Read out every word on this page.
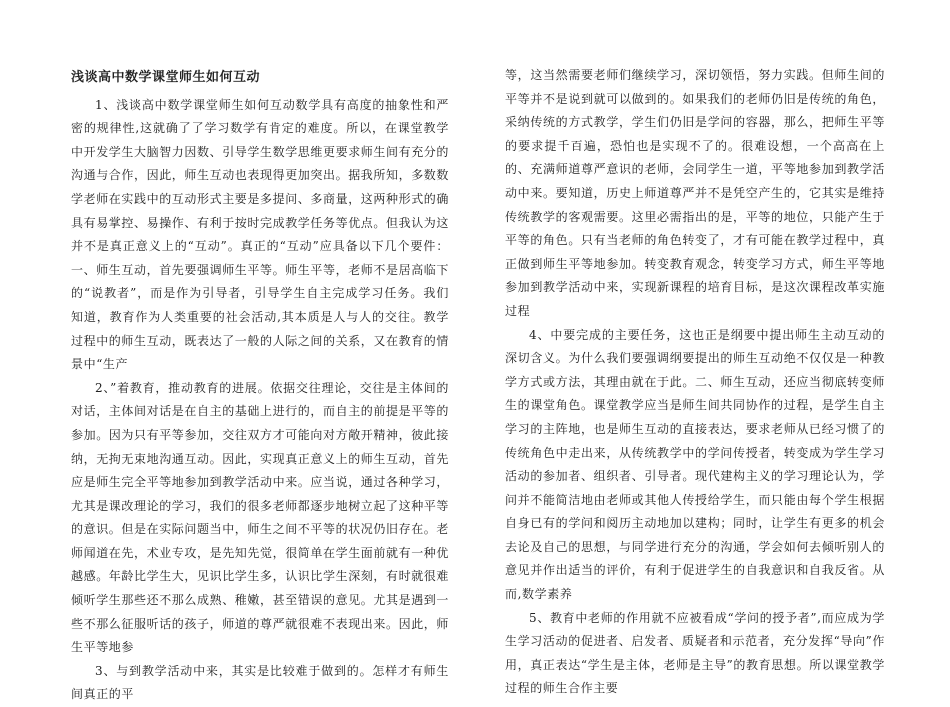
浅谈高中数学课堂师生如何互动

1、浅谈高中数学课堂师生如何互动数学具有高度的抽象性和严密的规律性,这就确了了学习数学有肯定的难度。所以，在课堂教学中开发学生大脑智力因数、引导学生数学思维更要求师生间有充分的沟通与合作，因此，师生互动也表现得更加突出。据我所知，多数数学老师在实践中的互动形式主要是多提问、多商量，这两种形式的确具有易掌控、易操作、有利于按时完成教学任务等优点。但我认为这并不是真正意义上的“互动”。真正的“互动”应具备以下几个要件：一、师生互动，首先要强调师生平等。师生平等，老师不是居高临下的“说教者”，而是作为引导者，引导学生自主完成学习任务。我们知道，教育作为人类重要的社会活动,其本质是人与人的交往。教学过程中的师生互动，既表达了一般的人际之间的关系，又在教育的情景中“生产

2、”着教育，推动教育的进展。依据交往理论，交往是主体间的对话，主体间对话是在自主的基础上进行的，而自主的前提是平等的参加。因为只有平等参加，交往双方才可能向对方敞开精神，彼此接纳，无拘无束地沟通互动。因此，实现真正意义上的师生互动，首先应是师生完全平等地参加到教学活动中来。应当说，通过各种学习，尤其是课改理论的学习，我们的很多老师都逐步地树立起了这种平等的意识。但是在实际问题当中，师生之间不平等的状况仍旧存在。老师闻道在先，术业专攻，是先知先觉，很简单在学生面前就有一种优越感。年龄比学生大，见识比学生多，认识比学生深刻，有时就很难倾听学生那些还不那么成熟、稚嫩，甚至错误的意见。尤其是遇到一些不那么征服听话的孩子，师道的尊严就很难不表现出来。因此，师生平等地参

3、与到教学活动中来，其实是比较难于做到的。怎样才有师生间真正的平

等，这当然需要老师们继续学习，深切领悟，努力实践。但师生间的平等并不是说到就可以做到的。如果我们的老师仍旧是传统的角色，采纳传统的方式教学，学生们仍旧是学问的容器，那么，把师生平等的要求提千百遍，恐怕也是实现不了的。很难设想，一个高高在上的、充满师道尊严意识的老师，会同学生一道，平等地参加到教学活动中来。要知道，历史上师道尊严并不是凭空产生的，它其实是维持传统教学的客观需要。这里必需指出的是，平等的地位，只能产生于平等的角色。只有当老师的角色转变了，才有可能在教学过程中，真正做到师生平等地参加。转变教育观念，转变学习方式，师生平等地参加到教学活动中来，实现新课程的培育目标，是这次课程改革实施过程

4、中要完成的主要任务，这也正是纲要中提出师生主动互动的深切含义。为什么我们要强调纲要提出的师生互动绝不仅仅是一种教学方式或方法，其理由就在于此。二、师生互动，还应当彻底转变师生的课堂角色。课堂教学应当是师生间共同协作的过程，是学生自主学习的主阵地，也是师生互动的直接表达，要求老师从已经习惯了的传统角色中走出来，从传统教学中的学问传授者，转变成为学生学习活动的参加者、组织者、引导者。现代建构主义的学习理论认为，学问并不能简洁地由老师或其他人传授给学生，而只能由每个学生根据自身已有的学问和阅历主动地加以建构；同时，让学生有更多的机会去论及自己的思想，与同学进行充分的沟通，学会如何去倾听别人的意见并作出适当的评价，有利于促进学生的自我意识和自我反省。从而,数学素养

5、教育中老师的作用就不应被看成“学问的授予者”,而应成为学生学习活动的促进者、启发者、质疑者和示范者，充分发挥“导向”作用，真正表达“学生是主体，老师是主导”的教育思想。所以课堂教学过程的师生合作主要
